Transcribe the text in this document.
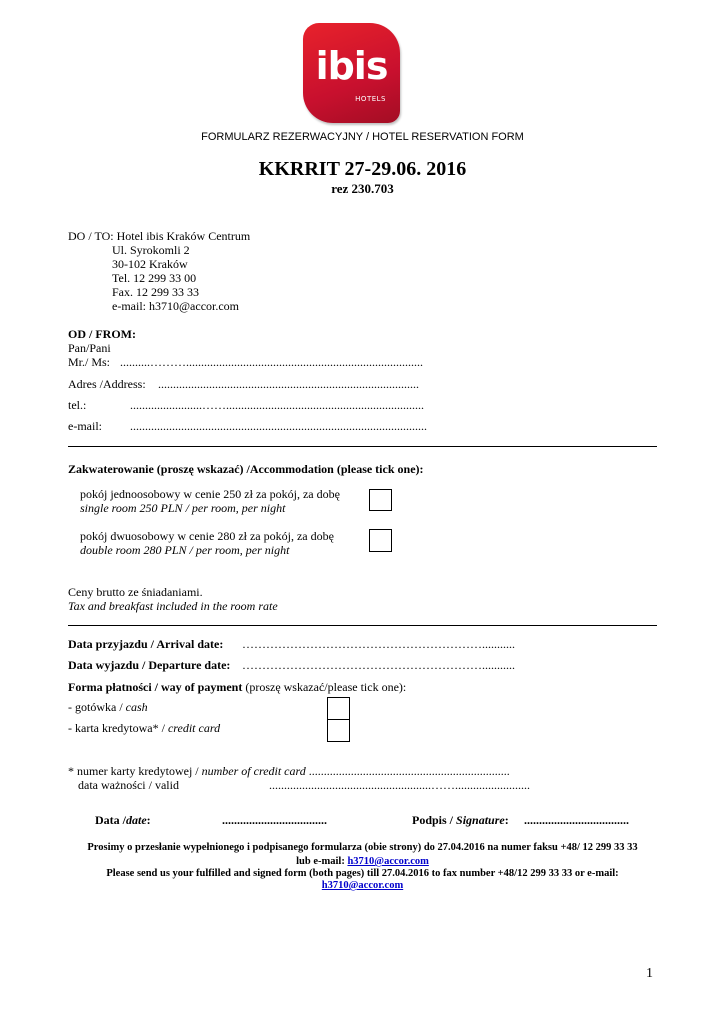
ibis
HOTELS
FORMULARZ REZERWACYJNY / HOTEL RESERVATION FORM
KKRRIT 27-29.06. 2016
rez 230.703
DO / TO: Hotel ibis Kraków Centrum
Ul. Syrokomli 2
30-102 Kraków
Tel. 12 299 33 00
Fax. 12 299 33 33
e-mail: h3710@accor.com
OD / FROM:
Pan/Pani
Mr./ Ms: ..........………...............................................................................
Adres /Address: .......................................................................................
tel.:	........................……..................................................................
e-mail: ...................................................................................................
Zakwaterowanie (proszę wskazać) /Accommodation (please tick one):
pokój jednoosobowy w cenie 250 zł za pokój, za dobę
single room 250 PLN / per room, per night
pokój dwuosobowy w cenie 280 zł za pokój, za dobę
double room 280 PLN / per room, per night
Ceny brutto ze śniadaniami.
Tax and breakfast included in the room rate
Data przyjazdu / Arrival date: ……………………………………………………...........
Data wyjazdu / Departure date: ……………………………………………………...........
Forma płatności / way of payment (proszę wskazać/please tick one):
- gotówka / cash
- karta kredytowa* / credit card
* numer karty kredytowej / number of credit card ...................................................................
data ważności / valid	......................................................…….........................
Data /date:	...................................	Podpis / Signature: ...................................
Prosimy o przesłanie wypełnionego i podpisanego formularza (obie strony) do 27.04.2016 na numer faksu +48/ 12 299 33 33
lub e-mail: h3710@accor.com
Please send us your fulfilled and signed form (both pages) till 27.04.2016 to fax number +48/12 299 33 33 or e-mail:
h3710@accor.com
1
